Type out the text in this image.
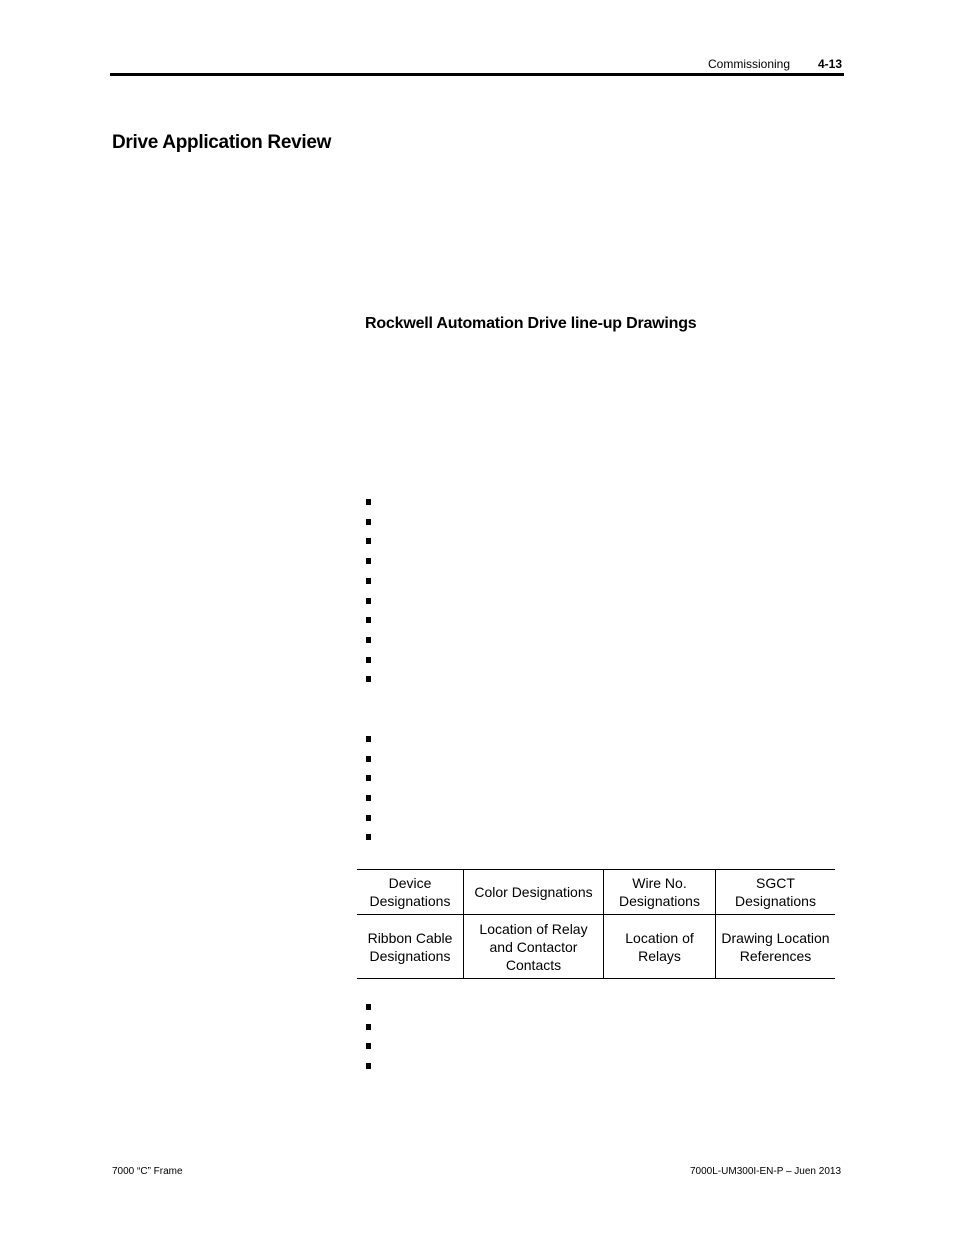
Commissioning 4-13
Drive Application Review
Rockwell Automation Drive line-up Drawings
Device Designations	Color Designations	Wire No. Designations	SGCT Designations
Ribbon Cable Designations	Location of Relay and Contactor Contacts	Location of Relays	Drawing Location References
7000 “C” Frame	7000L-UM300I-EN-P – Juen 2013
